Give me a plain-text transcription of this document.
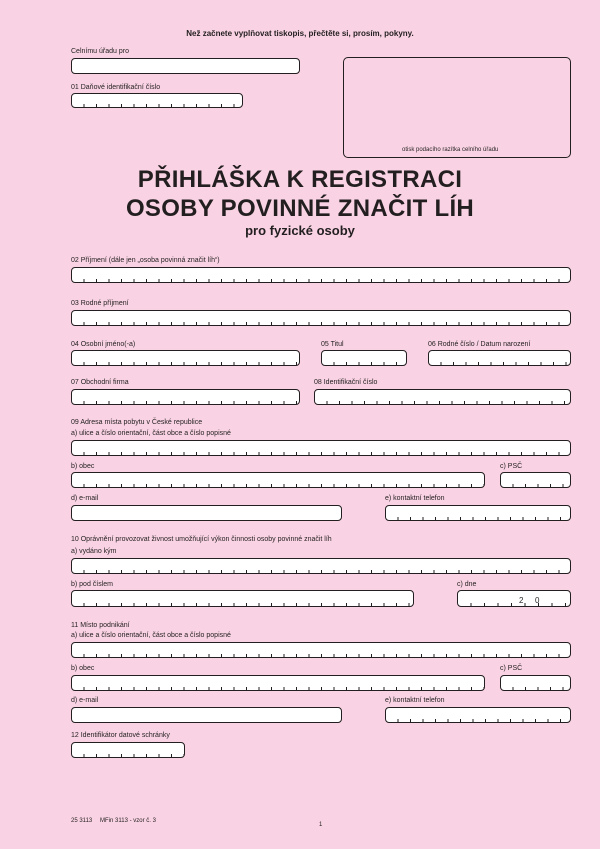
Než začnete vyplňovat tiskopis, přečtěte si, prosím, pokyny.
Celnímu úřadu pro
01 Daňové identifikační číslo
otisk podacího razítka celního úřadu
PŘIHLÁŠKA K REGISTRACI
OSOBY POVINNÉ ZNAČIT LÍH
pro fyzické osoby
02 Příjmení (dále jen „osoba povinná značit líh“)
03 Rodné příjmení
04 Osobní jméno(-a)	05 Titul	06 Rodné číslo / Datum narození
07 Obchodní firma	08 Identifikační číslo
09 Adresa místa pobytu v České republice
a) ulice a číslo orientační, část obce a číslo popisné
b) obec	c) PSČ
d) e-mail	e) kontaktní telefon
10 Oprávnění provozovat živnost umožňující výkon činnosti osoby povinné značit líh
a) vydáno kým
b) pod číslem	c) dne
2 0
11 Místo podnikání
a) ulice a číslo orientační, část obce a číslo popisné
b) obec	c) PSČ
d) e-mail	e) kontaktní telefon
12 Identifikátor datové schránky
25 3113 MFin 3113 - vzor č. 3
1
